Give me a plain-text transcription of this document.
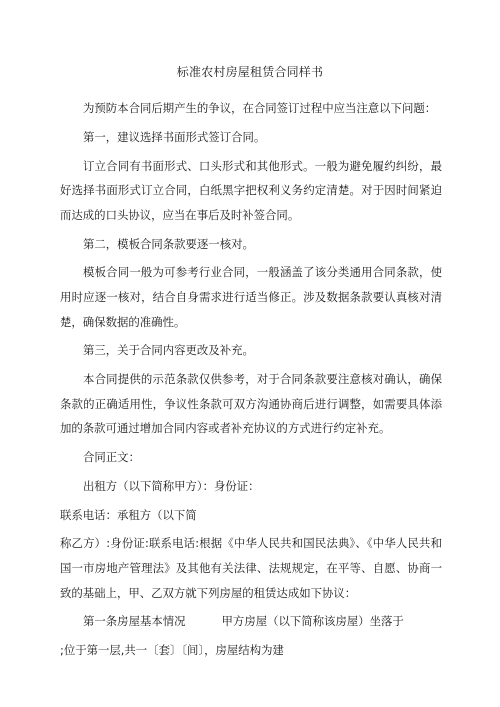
标准农村房屋租赁合同样书

为预防本合同后期产生的争议，在合同签订过程中应当注意以下问题：

第一，建议选择书面形式签订合同。

订立合同有书面形式、口头形式和其他形式。一般为避免履约纠纷，最好选择书面形式订立合同，白纸黑字把权利义务约定清楚。对于因时间紧迫而达成的口头协议，应当在事后及时补签合同。

第二，模板合同条款要逐一核对。

模板合同一般为可参考行业合同，一般涵盖了该分类通用合同条款，使用时应逐一核对，结合自身需求进行适当修正。涉及数据条款要认真核对清楚，确保数据的准确性。

第三，关于合同内容更改及补充。

本合同提供的示范条款仅供参考，对于合同条款要注意核对确认，确保条款的正确适用性，争议性条款可双方沟通协商后进行调整，如需要具体添加的条款可通过增加合同内容或者补充协议的方式进行约定补充。

合同正文：

出租方（以下简称甲方）：身份证：

联系电话：承租方（以下简

称乙方）:身份证:联系电话:根据《中华人民共和国民法典》、《中华人民共和国一市房地产管理法》及其他有关法律、法规规定，在平等、自愿、协商一致的基础上，甲、乙双方就下列房屋的租赁达成如下协议：

第一条房屋基本情况	甲方房屋（以下简称该房屋）坐落于

;位于第一层,共一〔套〕〔间〕，房屋结构为建
